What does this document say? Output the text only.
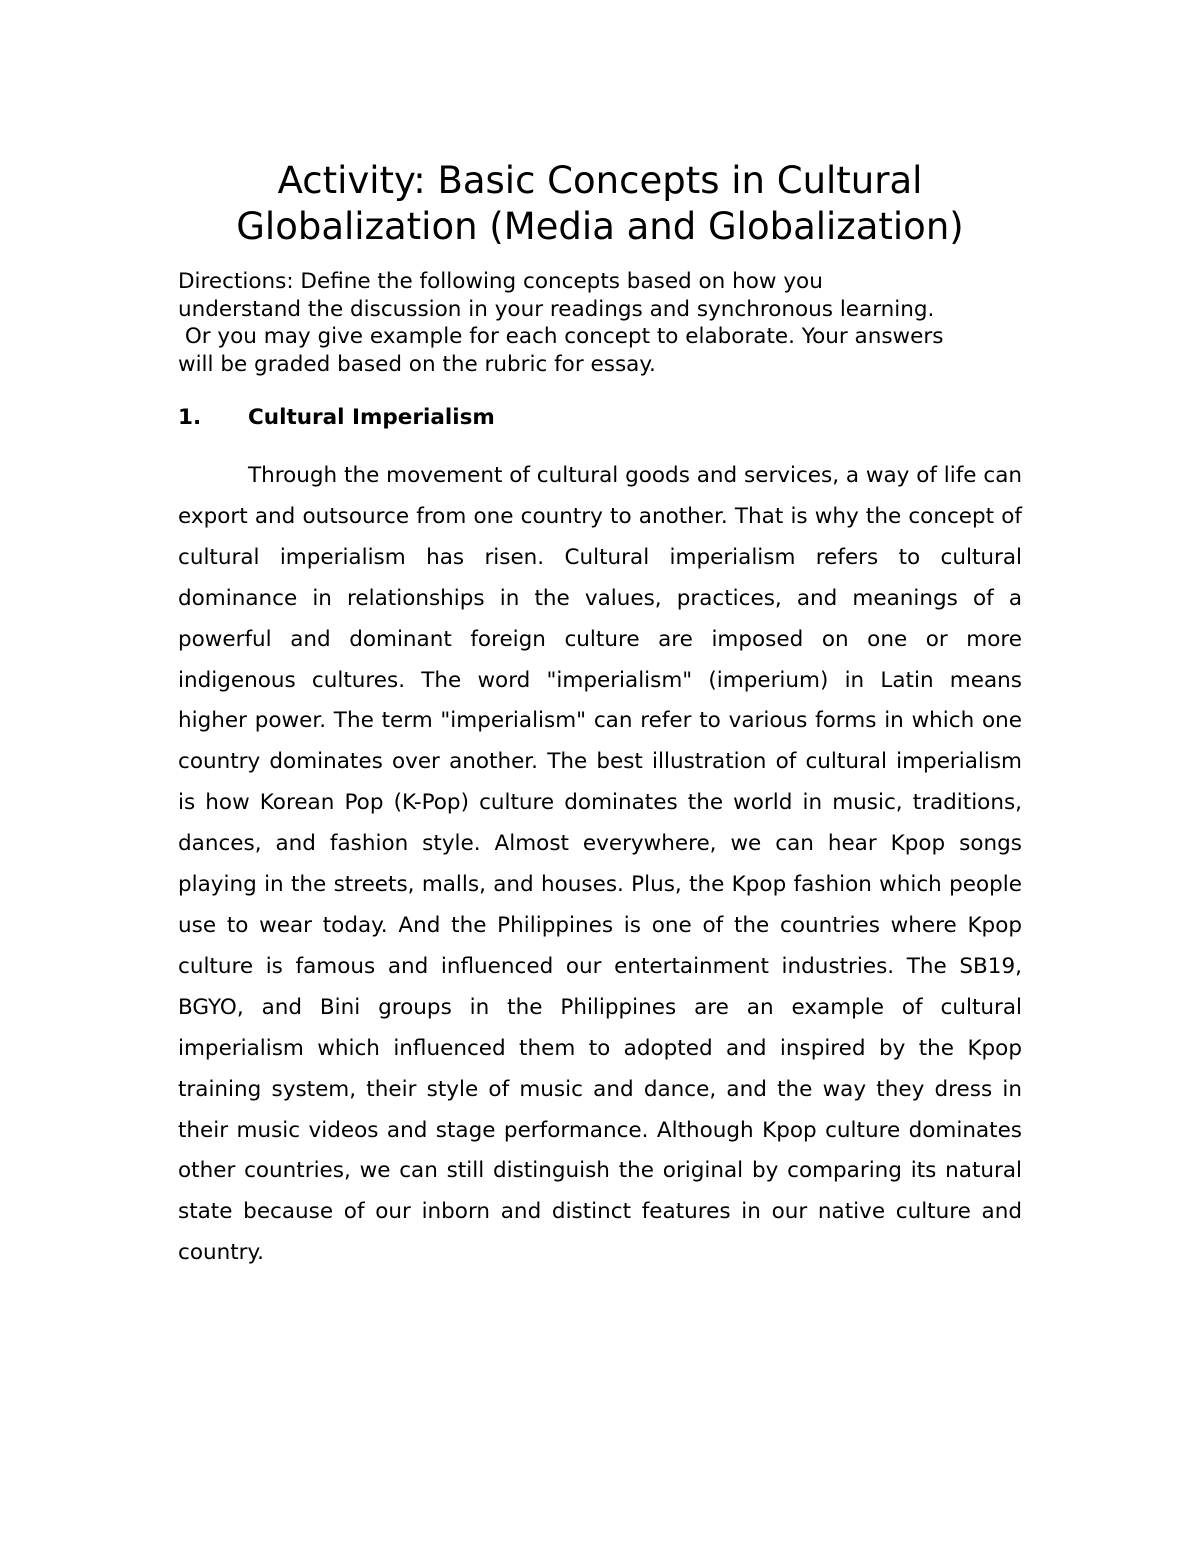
Activity: Basic Concepts in Cultural
Globalization (Media and Globalization)

Directions: Define the following concepts based on how you
understand the discussion in your readings and synchronous learning.
Or you may give example for each concept to elaborate. Your answers
will be graded based on the rubric for essay.

1. Cultural Imperialism

Through the movement of cultural goods and services, a way of life can export and outsource from one country to another. That is why the concept of cultural imperialism has risen. Cultural imperialism refers to cultural dominance in relationships in the values, practices, and meanings of a powerful and dominant foreign culture are imposed on one or more indigenous cultures. The word "imperialism" (imperium) in Latin means higher power. The term "imperialism" can refer to various forms in which one country dominates over another. The best illustration of cultural imperialism is how Korean Pop (K-Pop) culture dominates the world in music, traditions, dances, and fashion style. Almost everywhere, we can hear Kpop songs playing in the streets, malls, and houses. Plus, the Kpop fashion which people use to wear today. And the Philippines is one of the countries where Kpop culture is famous and influenced our entertainment industries. The SB19, BGYO, and Bini groups in the Philippines are an example of cultural imperialism which influenced them to adopted and inspired by the Kpop training system, their style of music and dance, and the way they dress in their music videos and stage performance. Although Kpop culture dominates other countries, we can still distinguish the original by comparing its natural state because of our inborn and distinct features in our native culture and country.
